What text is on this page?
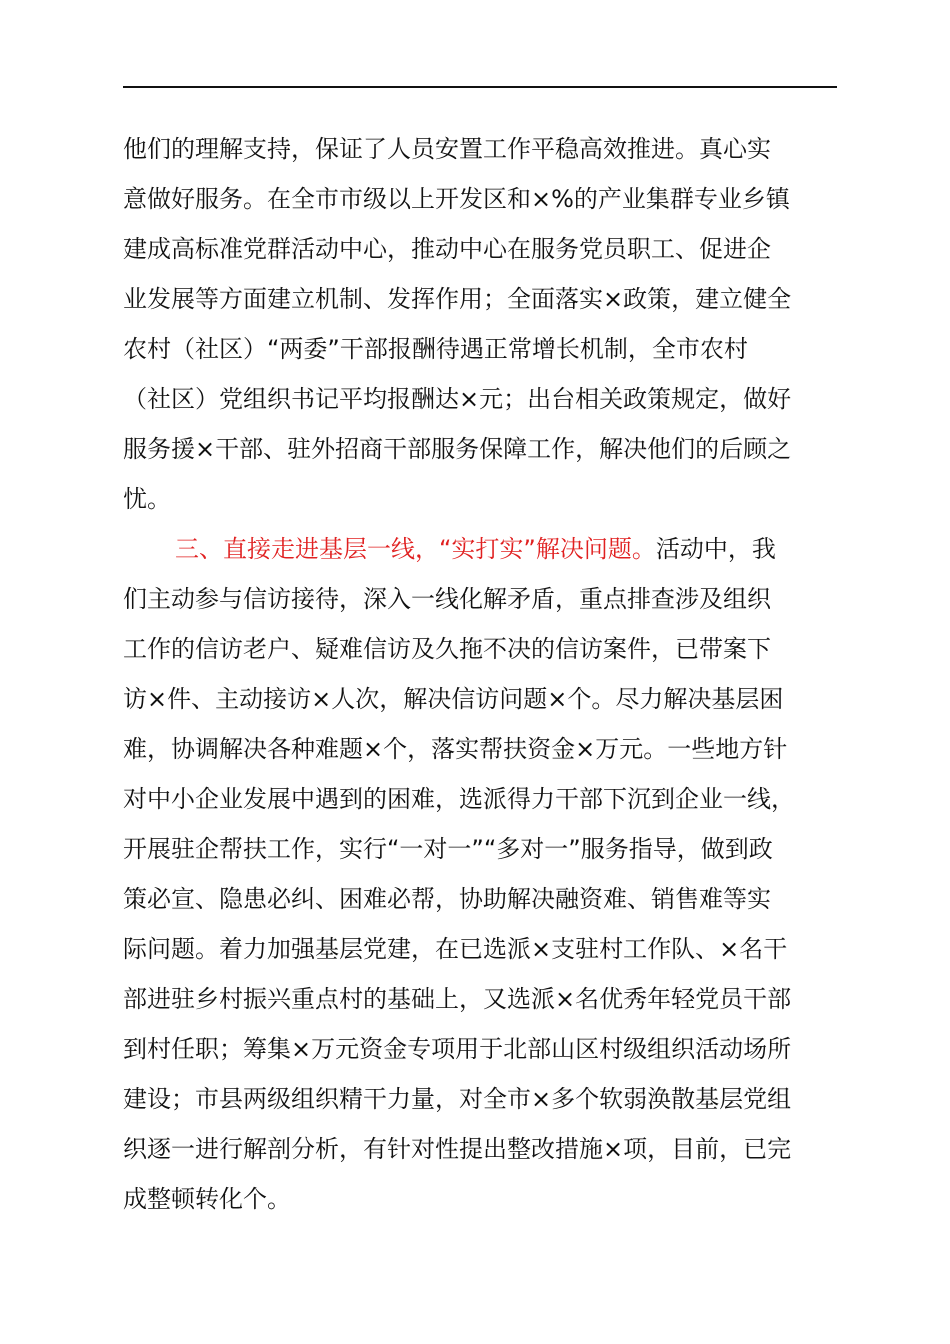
他们的理解支持，保证了人员安置工作平稳高效推进。真心实
意做好服务。在全市市级以上开发区和×%的产业集群专业乡镇
建成高标准党群活动中心，推动中心在服务党员职工、促进企
业发展等方面建立机制、发挥作用；全面落实×政策，建立健全
农村（社区）“两委”干部报酬待遇正常增长机制，全市农村
（社区）党组织书记平均报酬达×元；出台相关政策规定，做好
服务援×干部、驻外招商干部服务保障工作，解决他们的后顾之
忧。
三、直接走进基层一线，“实打实”解决问题。活动中，我
们主动参与信访接待，深入一线化解矛盾，重点排查涉及组织
工作的信访老户、疑难信访及久拖不决的信访案件，已带案下
访×件、主动接访×人次，解决信访问题×个。尽力解决基层困
难，协调解决各种难题×个，落实帮扶资金×万元。一些地方针
对中小企业发展中遇到的困难，选派得力干部下沉到企业一线，
开展驻企帮扶工作，实行“一对一”“多对一”服务指导，做到政
策必宣、隐患必纠、困难必帮，协助解决融资难、销售难等实
际问题。着力加强基层党建，在已选派×支驻村工作队、×名干
部进驻乡村振兴重点村的基础上，又选派×名优秀年轻党员干部
到村任职；筹集×万元资金专项用于北部山区村级组织活动场所
建设；市县两级组织精干力量，对全市×多个软弱涣散基层党组
织逐一进行解剖分析，有针对性提出整改措施×项，目前，已完
成整顿转化个。
